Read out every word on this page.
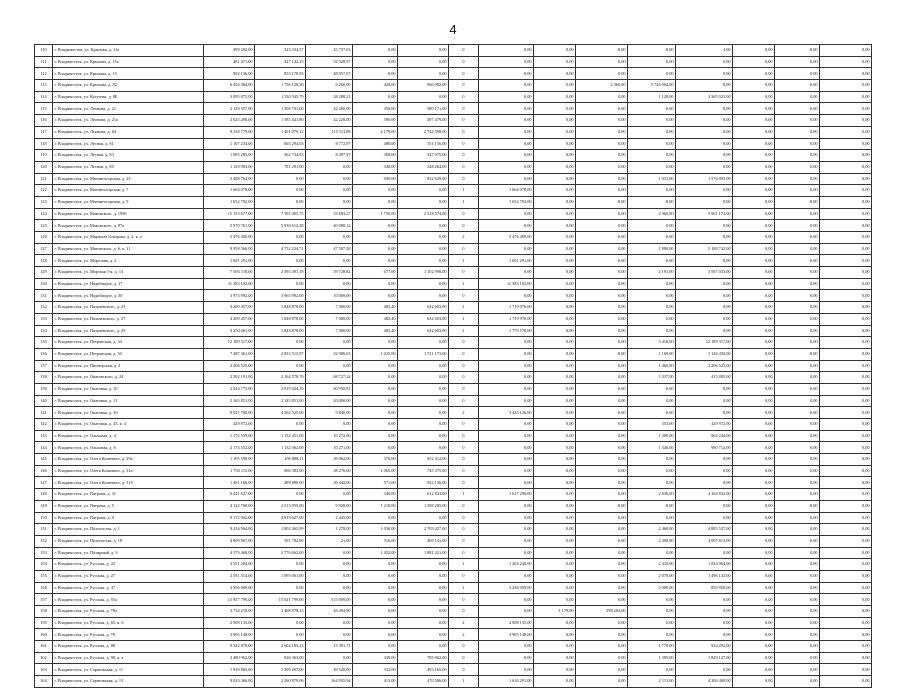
4
110	г. Владимостов, ул. Крылова, д. 11а	499 292,00	323 334,37	43 757,63	0,00	0,00	0	0,00	0,00	0,00	0,00	4,00	0,00	0,00	0,00
111	г. Владивосток, ул. Крылова, д. 15а	481 471,00	427 142,23	54 328,97	0,00	0,00	0	0,00	0,00	0,00	0,00	0,00	0,00	0,00	0,00
112	г. Владивосток, ул. Крылова, д. 15	902 136,00	853 178,93	48 957,07	0,00	0,00	0	0,00	0,00	0,00	0,00	0,00	0,00	0,00	0,00
113	г. Владивосток, ул. Крылова, д. 82	6 454 364,00	1 756 128,50	6 260,00	428,00	960 082,00	0	0,00	0,00	2 360,00	5 726 064,00	0,00	0,00	0,00	0,00
114	г. Владивосток, ул. Кутузова, д. 8Б	3 895 875,00	1 530 545,79	28 288,21	0,00	0,00	0	0,00	0,00	0,00	1 128,00	2 365 923,00	0,00	0,00	0,00
115	г. Владивосток, ул. Леонова, д. 21	2 129 357,00	1 506 701,00	42 260,00	356,00	580 171,00	0	0,00	0,00	0,00	0,00	0,00	0,00	0,00	0,00
116	г. Владивосток, ул. Леонова, д. 21а	2 025 290,00	1 585 441,80	42 220,00	396,00	497 479,00	0	0,00	0,00	0,00	0,00	0,00	0,00	0,00	0,00
117	г. Владивосток, ул. Леонова, д. 64	9 238 779,00	1 401 079,12	115 113,88	2 179,00	2 742 598,00	0	0,00	0,00	0,00	0,00	0,00	0,00	0,00	0,00
118	г. Владивосток, ул. Лесная, д. 81	1 107 234,00	665 294,03	8 772,97	480,00	151 156,00	0	0,00	0,00	0,00	0,00	0,00	0,00	0,00	0,00
119	г. Владивосток, ул. Лесная, д. 83	1 085 285,00	362 734,03	8 497,97	308,00	347 075,00	0	0,00	0,00	0,00	0,00	0,00	0,00	0,00	0,00
120	г. Владивосток, ул. Лесная, д. 85	1 129 983,00	781 291,00	0,00	348,00	348 264,00	0	0,00	0,00	0,00	0,00	0,00	0,00	0,00	0,00
121	г. Владивосток, ул. Магнитогорская, д. 23	2 408 764,00	0,00	0,00	690,00	832 639,00	0	0,00	0,00	0,00	1 031,00	1 576 093,00	0,00	0,00	0,00
122	г. Владивосток, ул. Магнитогорская, д. 7	1 664 078,00	0,00	0,00	0,00	0,00	1	1 664 078,00	0,00	0,00	0,00	0,00	0,00	0,00	0,00
123	г. Владивосток, ул. Магнитогорская, д. 9	1 652 792,00	0,00	0,00	0,00	0,00	1	1 652 792,00	0,00	0,00	0,00	0,00	0,00	0,00	0,00
124	г. Владивосток, ул. Маковского, д. 199б	15 153 677,00	7 191 405,75	33 693,27	1 750,00	2 318 574,00	0	0,00	0,00	0,00	2 960,00	5 961 173,00	0,00	0,00	0,00
125	г. Владивосток, ул. Маковского, д. 87а	5 970 761,00	5 930 612,38	40 088,12	0,00	0,00	0	0,00	0,00	0,00	0,00	0,00	0,00	0,00	0,00
126	г. Владивосток, ул. Маршала Говорова, д. 2, к. а	5 476 409,00	0,00	0,00	0,00	0,00	2	5 476 409,00	0,00	0,00	0,00	0,00	0,00	0,00	0,00
127	г. Владивосток, ул. Матовского, д. 6, к. 11	9 958 566,00	4 752 224,71	47 587,28	0,00	0,00	0	0,00	0,00	0,00	1 880,00	5 188 742,00	0,00	0,00	0,00
128	г. Владивосток, ул. Морозова, д. 2	1 601 291,00	0,00	0,00	0,00	0,00	1	1 601 291,00	0,00	0,00	0,00	0,00	0,00	0,00	0,00
129	г. Владивосток, ул. Морская 1-я, д. 13	7 693 118,00	2 593 491,18	59 728,82	677,00	1 102 990,00	0	0,00	0,00	0,00	2 191,00	3 567 053,00	0,00	0,00	0,00
130	г. Владивосток, ул. Надибаидзе, д. 17	11 383 102,00	0,00	0,00	0,00	0,00	1	11 383 102,00	0,00	0,00	0,00	0,00	0,00	0,00	0,00
131	г. Владивосток, ул. Надибаидзе, д. 30	3 975 992,00	3 965 992,00	10 000,00	0,00	0,00	0	0,00	0,00	0,00	0,00	0,00	0,00	0,00	0,00
132	г. Владивосток, ул. Пальчевского, д. 25	4 209 457,00	1 848 878,00	7 000,00	482,40	632 603,00	1	1 719 976,00	0,00	0,00	0,00	0,00	0,00	0,00	0,00
133	г. Владивосток, ул. Пальчевского, д. 27	4 209 457,00	1 848 878,00	7 000,00	482,40	632 603,00	1	1 719 976,00	0,00	0,00	0,00	0,00	0,00	0,00	0,00
134	г. Владивосток, ул. Пальчевского, д. 29	4 250 061,00	1 843 878,00	7 000,00	482,40	632 603,00	1	1 779 578,00	0,00	0,00	0,00	0,00	0,00	0,00	0,00
135	г. Владивосток, ул. Петровская, д. 34	12 189 317,00	0,00	0,00	0,00	0,00	0	0,00	0,00	0,00	5 416,00	12 189 317,00	0,00	0,00	0,00
136	г. Владивосток, ул. Петровская, д. 5б	7 287 361,00	2 833 513,97	32 986,03	1 025,00	1 721 173,00	0	0,00	0,00	0,00	1 169,00	1 126 450,00	0,00	0,00	0,00
137	г. Владивосток, ул. Пионерская, д. 2	2 206 525,00	0,00	0,00	0,00	0,00	0	0,00	0,00	0,00	1 460,00	2 206 525,00	0,00	0,00	0,00
138	г. Владивосток, ул. Окатовского, д. 24	2 502 191,00	2 164 578,76	68 727,24	0,00	0,00	0	0,00	0,00	0,00	1 037,00	415 885,00	0,00	0,00	0,00
139	г. Владивосток, ул. Окатовая, д. 10	2 944 775,00	2 919 424,19	40 950,81	0,00	0,00	0	0,00	0,00	0,00	0,00	0,00	0,00	0,00	0,00
140	г. Владивосток, ул. Окатовая, д. 11	2 165 851,00	2 145 851,00	20 000,00	0,00	0,00	0	0,00	0,00	0,00	0,00	0,00	0,00	0,00	0,00
141	г. Владивосток, ул. Окатовая, д. 3б	8 027 760,00	4 562 525,00	9 840,00	0,00	0,00	2	3 435 126,00	0,00	0,00	0,00	0,00	0,00	0,00	0,00
142	г. Владивосток, ул. Окатовая, д. 45, к. 4	429 972,00	0,00	0,00	0,00	0,00	0	0,00	0,00	0,00	353,00	429 972,00	0,00	0,00	0,00
143	г. Владивосток, ул. Ольховая, д. 4	1 172 559,00	1 132 451,00	10 272,00	0,00	0,00	0	0,00	0,00	0,00	1 380,00	964 244,00	0,00	0,00	0,00
144	г. Владивосток, ул. Ольховая, д. 6	2 173 552,00	1 132 362,00	10 271,00	0,00	0,00	0	0,00	0,00	0,00	1 340,00	980 712,00	0,00	0,00	0,00
145	г. Владивосток, ул. Олега Кошевого, д. 29а	1 195 590,00	456 888,11	39 962,00	370,00	652 412,00	0	0,00	0,00	0,00	0,00	0,00	0,00	0,00	0,00
146	г. Владивосток, ул. Олега Кошевого, д. 31а	1 750 115,00	966 383,00	38 276,00	1 065,00	745 375,00	0	0,00	0,00	0,00	0,00	0,00	0,00	0,00	0,00
147	г. Владивосток, ул. Олега Кошевого, д. 31б	1 461 166,00	489 880,00	39 442,00	571,00	932 136,00	0	0,00	0,00	0,00	0,00	0,00	0,00	0,00	0,00
148	г. Владивосток, ул. Патрона, д. 31	6 441 627,00	0,00	0,00	346,00	612 833,00	1	1 617 296,00	0,00	0,00	2 836,00	4 164 832,00	0,00	0,00	0,00
149	г. Владивосток, ул. Патрона, д. 5	4 122 768,00	2 513 955,00	9 928,00	1 218,00	1 598 285,00	0	0,00	0,00	0,00	0,00	0,00	0,00	0,00	0,00
150	г. Владивосток, ул. Патрона, д. 9	9 172 962,00	4 919 627,00	2 445,00	0,00	0,00	0	0,00	0,00	0,00	0,00	0,00	0,00	0,00	0,00
151	г. Владивосток, ул. Пологистая, д. 1	9 434 964,00	1 802 462,99	1 278,00	1 038,00	2 703 427,00	0	0,00	0,00	0,00	2 460,00	4 885 527,00	0,00	0,00	0,00
152	г. Владивосток, ул. Пологистая, д. 18	4 809 967,00	391 782,00	21,00	316,00	469 141,00	0	0,00	0,00	0,00	2 400,00	4 097 813,00	0,00	0,00	0,00
153	г. Владивосток, ул. Полярный, д. 9	4 579 460,00	2 776 662,00	0,00	1 452,00	1 881 221,00	0	0,00	0,00	0,00	0,00	0,00	0,00	0,00	0,00
154	г. Владивосток, ул. Русская, д. 22	3 551 204,00	0,00	0,00	0,00	0,00	1	1 204 240,00	0,00	0,00	2 410,00	1 834 964,00	0,00	0,00	0,00
155	г. Владивосток, ул. Русская, д. 27	2 591 314,00	1 095 061,00	0,00	0,00	0,00	0	0,00	0,00	0,00	2 070,00	1 496 143,00	0,00	0,00	0,00
156	г. Владивосток, ул. Русская, д. 47	3 956 009,00	0,00	0,00	0,00	0,00	1	3 236 059,00	0,00	0,00	2 080,00	850 950,00	0,00	0,00	0,00
157	г. Владивосток, ул. Русская, д. 55а	15 857 799,00	15 021 799,00	515 009,00	0,00	0,00	0	0,00	0,00	0,00	0,00	0,00	0,00	0,00	0,00
158	г. Владивосток, ул. Русская, д. 78а	3 734 218,00	3 468 978,13	26 494,90	0,00	0,00	0	0,00	1 179,00	298 263,00	0,00	0,00	0,00	0,00	0,00
159	г. Владивосток, ул. Русская, д. 65, к. 6	2 908 135,00	0,00	0,00	0,00	0,00	2	2 908 135,00	0,00	0,00	0,00	0,00	0,00	0,00	0,00
160	г. Владивосток, ул. Русская, д. 70	3 905 148,00	0,00	0,00	0,00	0,00	2	3 905 148,00	0,00	0,00	0,00	0,00	0,00	0,00	0,00
161	г. Владивосток, ул. Русская, д. 88	9 342 870,00	2 602 185,23	15 381,71	0,00	0,00	0	0,00	0,00	0,00	1 770,00	924 292,00	0,00	0,00	0,00
162	г. Владивосток, ул. Русская, д. 98, к. а	3 480 962,00	826 363,00	0,00	349,00	785 962,00	0	0,00	0,00	0,00	1 395,00	1 829 137,00	0,00	0,00	0,00
163	г. Владивосток, ул. Саратовская, д. 11	1 939 865,00	1 399 267,00	49 520,00	332,00	493 165,00	0	0,00	0,00	0,00	0,00	0,00	0,00	0,00	0,00
164	г. Владивосток, ул. Саратовская, д. 15	9 023 366,00	2 560 879,06	164 935,94	413,00	470 586,00	1	1 616 291,00	0,00	0,00	2 113,00	4 306 469,00	0,00	0,00	0,00
